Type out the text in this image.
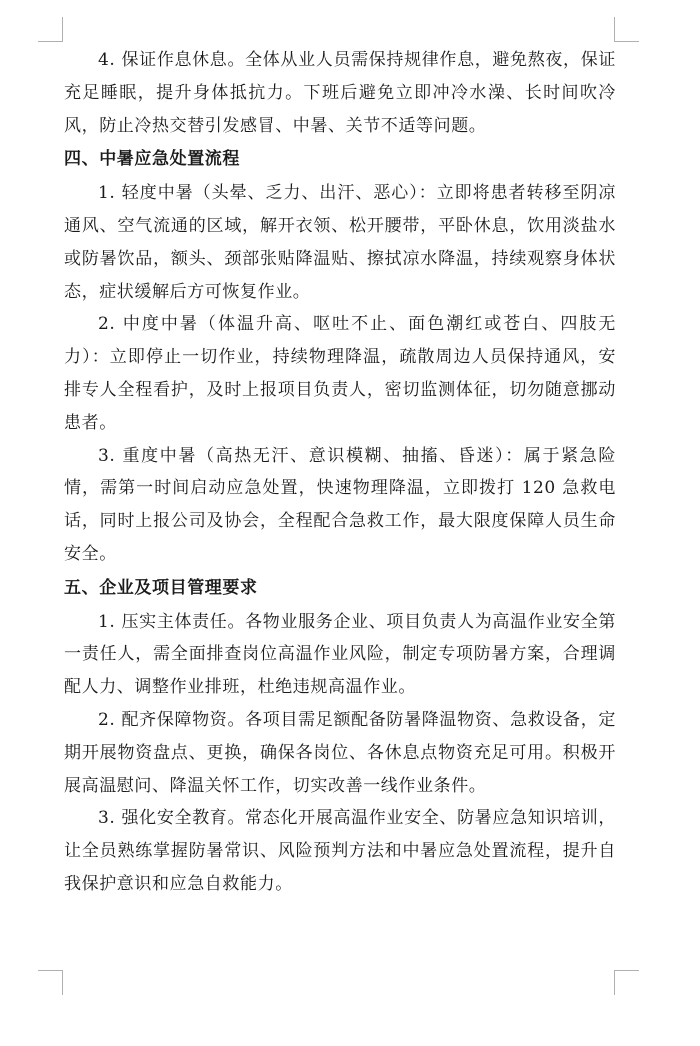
4. 保证作息休息。全体从业人员需保持规律作息，避免熬夜，保证充足睡眠，提升身体抵抗力。下班后避免立即冲冷水澡、长时间吹冷风，防止冷热交替引发感冒、中暑、关节不适等问题。

四、中暑应急处置流程

1. 轻度中暑（头晕、乏力、出汗、恶心）：立即将患者转移至阴凉通风、空气流通的区域，解开衣领、松开腰带，平卧休息，饮用淡盐水或防暑饮品，额头、颈部张贴降温贴、擦拭凉水降温，持续观察身体状态，症状缓解后方可恢复作业。

2. 中度中暑（体温升高、呕吐不止、面色潮红或苍白、四肢无力）：立即停止一切作业，持续物理降温，疏散周边人员保持通风，安排专人全程看护，及时上报项目负责人，密切监测体征，切勿随意挪动患者。

3. 重度中暑（高热无汗、意识模糊、抽搐、昏迷）：属于紧急险情，需第一时间启动应急处置，快速物理降温，立即拨打 120 急救电话，同时上报公司及协会，全程配合急救工作，最大限度保障人员生命安全。

五、企业及项目管理要求

1. 压实主体责任。各物业服务企业、项目负责人为高温作业安全第一责任人，需全面排查岗位高温作业风险，制定专项防暑方案，合理调配人力、调整作业排班，杜绝违规高温作业。

2. 配齐保障物资。各项目需足额配备防暑降温物资、急救设备，定期开展物资盘点、更换，确保各岗位、各休息点物资充足可用。积极开展高温慰问、降温关怀工作，切实改善一线作业条件。

3. 强化安全教育。常态化开展高温作业安全、防暑应急知识培训，让全员熟练掌握防暑常识、风险预判方法和中暑应急处置流程，提升自我保护意识和应急自救能力。
